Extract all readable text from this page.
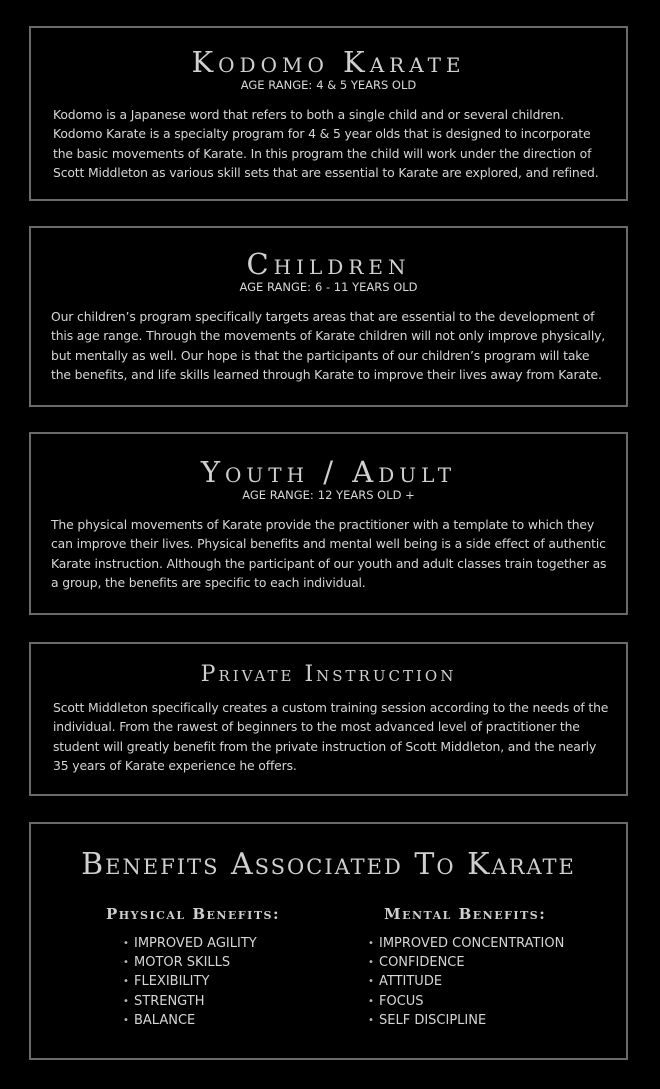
Kodomo Karate

AGE RANGE: 4 & 5 YEARS OLD

Kodomo is a Japanese word that refers to both a single child and or several children. Kodomo Karate is a specialty program for 4 & 5 year olds that is designed to incorporate the basic movements of Karate. In this program the child will work under the direction of Scott Middleton as various skill sets that are essential to Karate are explored, and refined.

Children

AGE RANGE: 6 - 11 YEARS OLD

Our children’s program specifically targets areas that are essential to the development of this age range. Through the movements of Karate children will not only improve physically, but mentally as well. Our hope is that the participants of our children’s program will take the benefits, and life skills learned through Karate to improve their lives away from Karate.

Youth / Adult

AGE RANGE: 12 YEARS OLD +

The physical movements of Karate provide the practitioner with a template to which they can improve their lives. Physical benefits and mental well being is a side effect of authentic Karate instruction. Although the participant of our youth and adult classes train together as a group, the benefits are specific to each individual.

Private Instruction

Scott Middleton specifically creates a custom training session according to the needs of the individual. From the rawest of beginners to the most advanced level of practitioner the student will greatly benefit from the private instruction of Scott Middleton, and the nearly 35 years of Karate experience he offers.

Benefits Associated To Karate
Physical Benefits:
• IMPROVED AGILITY
• MOTOR SKILLS
• FLEXIBILITY
• STRENGTH
• BALANCE
Mental Benefits:
• IMPROVED CONCENTRATION
• CONFIDENCE
• ATTITUDE
• FOCUS
• SELF DISCIPLINE
